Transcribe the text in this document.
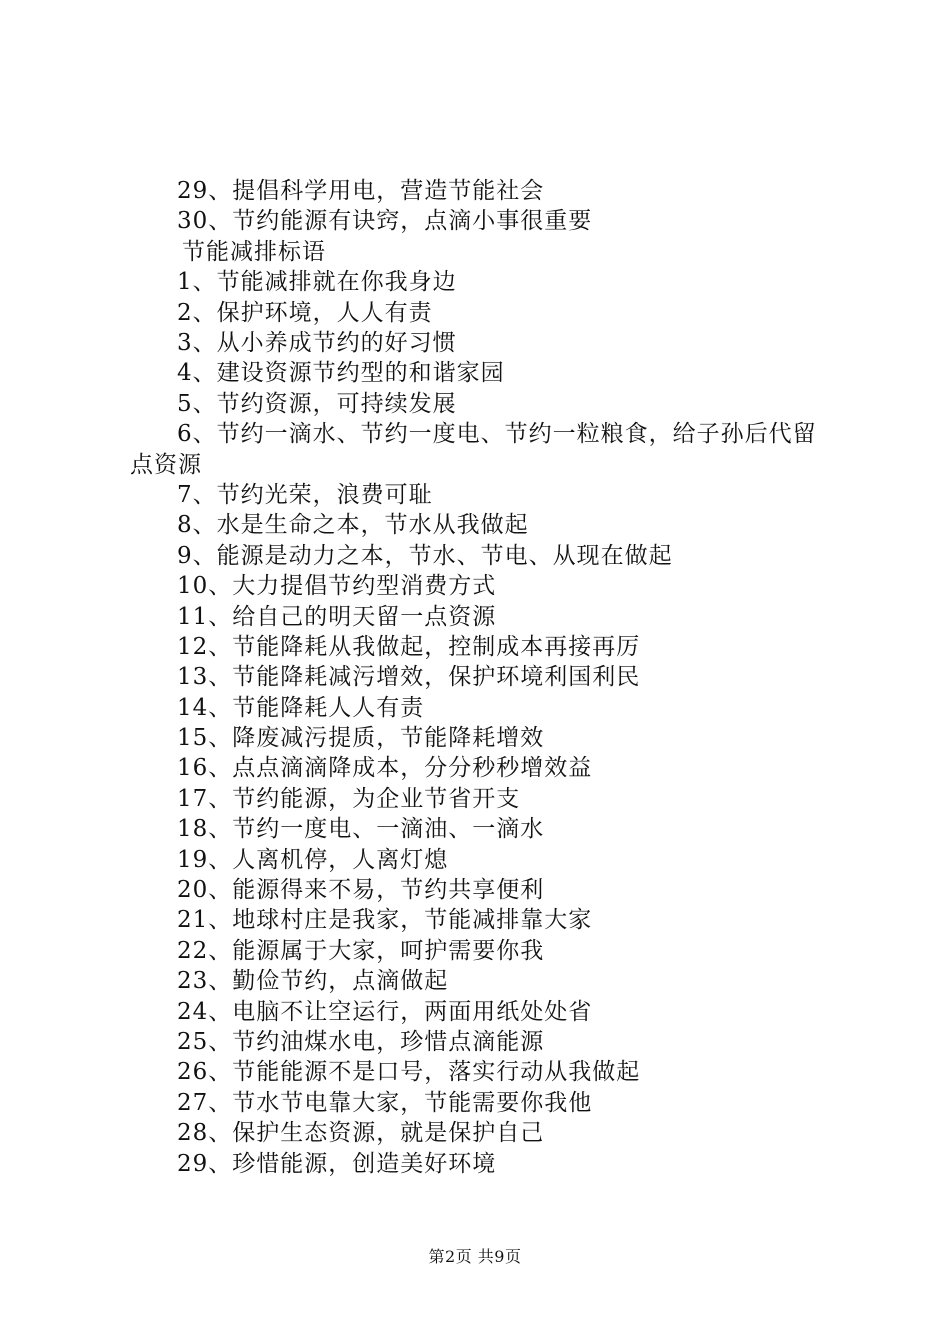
29、提倡科学用电，营造节能社会
30、节约能源有诀窍，点滴小事很重要
节能减排标语
1、节能减排就在你我身边
2、保护环境，人人有责
3、从小养成节约的好习惯
4、建设资源节约型的和谐家园
5、节约资源，可持续发展
6、节约一滴水、节约一度电、节约一粒粮食，给子孙后代留点资源
7、节约光荣，浪费可耻
8、水是生命之本，节水从我做起
9、能源是动力之本，节水、节电、从现在做起
10、大力提倡节约型消费方式
11、给自己的明天留一点资源
12、节能降耗从我做起，控制成本再接再厉
13、节能降耗减污增效，保护环境利国利民
14、节能降耗人人有责
15、降废减污提质，节能降耗增效
16、点点滴滴降成本，分分秒秒增效益
17、节约能源，为企业节省开支
18、节约一度电、一滴油、一滴水
19、人离机停，人离灯熄
20、能源得来不易，节约共享便利
21、地球村庄是我家，节能减排靠大家
22、能源属于大家，呵护需要你我
23、勤俭节约，点滴做起
24、电脑不让空运行，两面用纸处处省
25、节约油煤水电，珍惜点滴能源
26、节能能源不是口号，落实行动从我做起
27、节水节电靠大家，节能需要你我他
28、保护生态资源，就是保护自己
29、珍惜能源，创造美好环境
第2页 共9页
